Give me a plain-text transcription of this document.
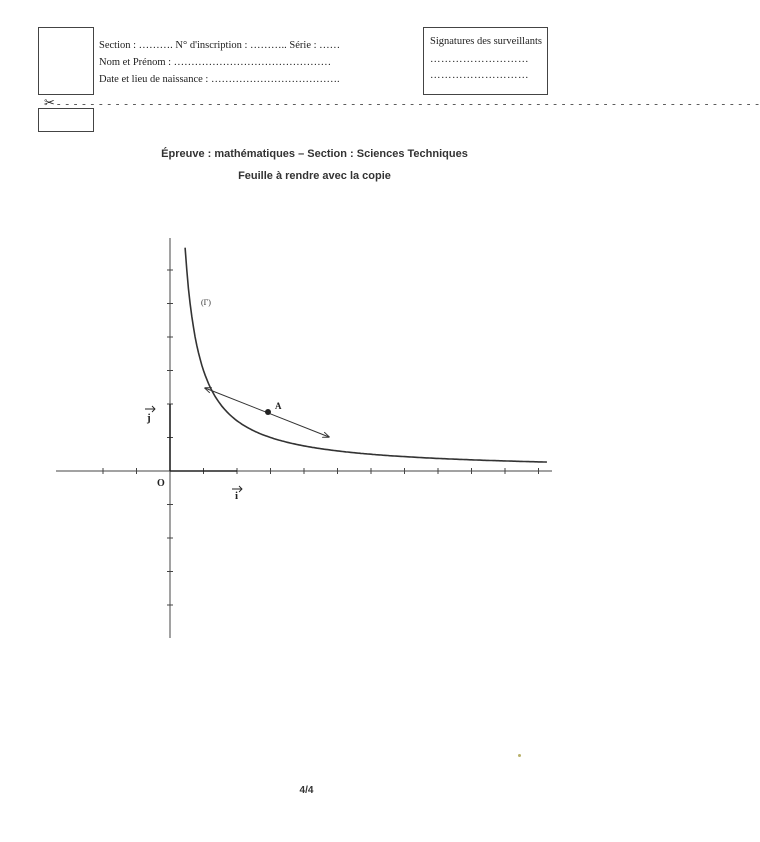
Section : ………. N° d'inscription : ……….. Série : ……
Nom et Prénom : ………………………………………
Date et lieu de naissance : ……………………………….
Signatures des surveillants
………………………
………………………
✂ - - - - - - - - - - - - - - - - - - - - - - - - - - - - - - - - - - - - - - - - - - - - - - - - - - - - - - - - - - - - - - - - - - - - - - - - - - - - - - - - - - - -
Épreuve : mathématiques – Section : Sciences Techniques
Feuille à rendre avec la copie
A
(Γ)
O
i
j
4/4
